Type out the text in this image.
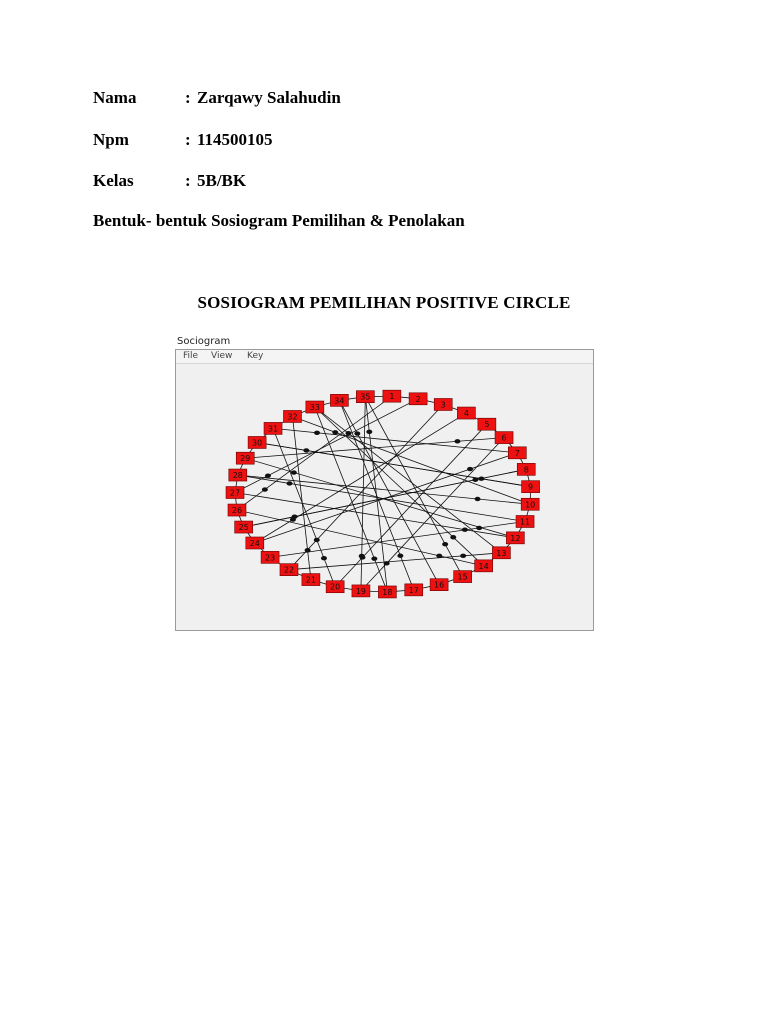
Nama	: Zarqawy Salahudin
Npm	: 114500105
Kelas	: 5B/BK
Bentuk- bentuk Sosiogram Pemilihan & Penolakan
SOSIOGRAM PEMILIHAN POSITIVE CIRCLE
Sociogram
File View Key
1	2
3
4
5
6
7
8
9
10
11
12
13
14
15
16
17
18
19
20
21
22
23
24
25
26
27
28
29
30
31
32
33
34 35
